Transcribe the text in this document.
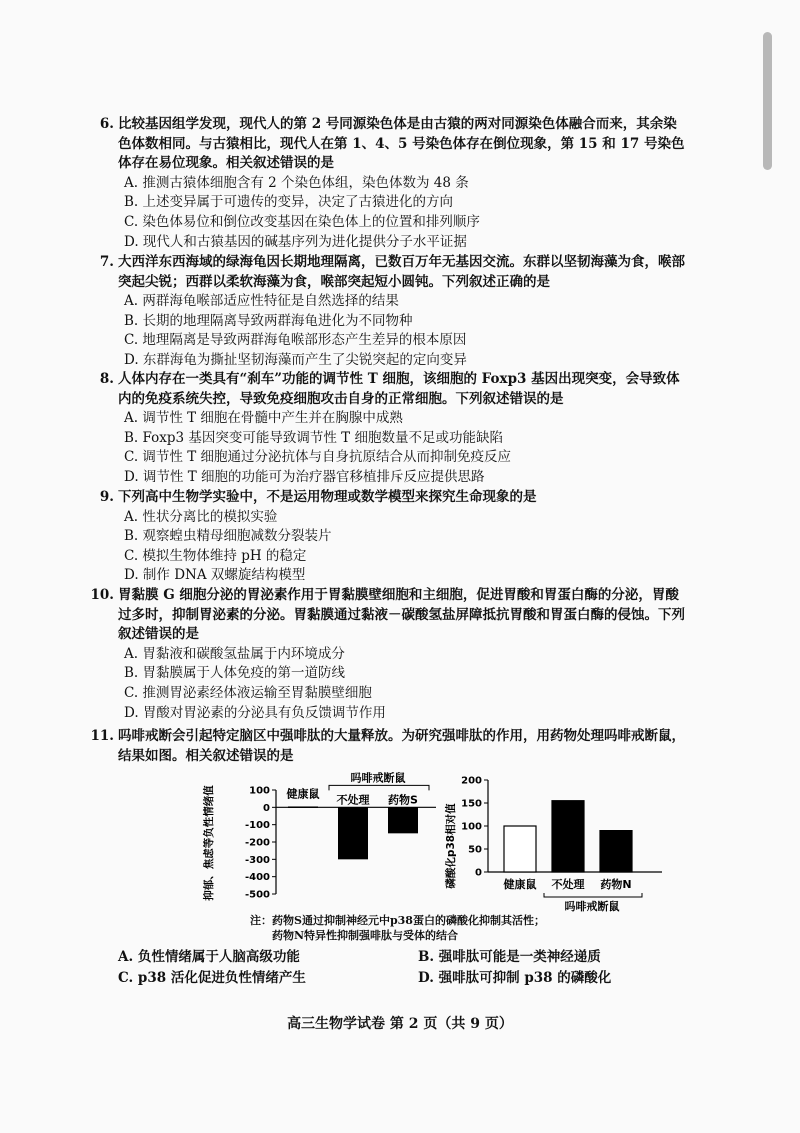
6. 比较基因组学发现，现代人的第 2 号同源染色体是由古猿的两对同源染色体融合而来，其余染色体数相同。与古猿相比，现代人在第 1、4、5 号染色体存在倒位现象，第 15 和 17 号染色体存在易位现象。相关叙述错误的是

A. 推测古猿体细胞含有 2 个染色体组，染色体数为 48 条

B. 上述变异属于可遗传的变异，决定了古猿进化的方向

C. 染色体易位和倒位改变基因在染色体上的位置和排列顺序

D. 现代人和古猿基因的碱基序列为进化提供分子水平证据

7. 大西洋东西海域的绿海龟因长期地理隔离，已数百万年无基因交流。东群以坚韧海藻为食，喉部突起尖锐；西群以柔软海藻为食，喉部突起短小圆钝。下列叙述正确的是

A. 两群海龟喉部适应性特征是自然选择的结果

B. 长期的地理隔离导致两群海龟进化为不同物种

C. 地理隔离是导致两群海龟喉部形态产生差异的根本原因

D. 东群海龟为撕扯坚韧海藻而产生了尖锐突起的定向变异

8. 人体内存在一类具有“刹车”功能的调节性 T 细胞，该细胞的 Foxp3 基因出现突变，会导致体内的免疫系统失控，导致免疫细胞攻击自身的正常细胞。下列叙述错误的是

A. 调节性 T 细胞在骨髓中产生并在胸腺中成熟

B. Foxp3 基因突变可能导致调节性 T 细胞数量不足或功能缺陷

C. 调节性 T 细胞通过分泌抗体与自身抗原结合从而抑制免疫反应

D. 调节性 T 细胞的功能可为治疗器官移植排斥反应提供思路

9. 下列高中生物学实验中，不是运用物理或数学模型来探究生命现象的是

A. 性状分离比的模拟实验

B. 观察蝗虫精母细胞减数分裂装片

C. 模拟生物体维持 pH 的稳定

D. 制作 DNA 双螺旋结构模型

10. 胃黏膜 G 细胞分泌的胃泌素作用于胃黏膜壁细胞和主细胞，促进胃酸和胃蛋白酶的分泌，胃酸过多时，抑制胃泌素的分泌。胃黏膜通过黏液－碳酸氢盐屏障抵抗胃酸和胃蛋白酶的侵蚀。下列叙述错误的是

A. 胃黏液和碳酸氢盐属于内环境成分

B. 胃黏膜属于人体免疫的第一道防线

C. 推测胃泌素经体液运输至胃黏膜壁细胞

D. 胃酸对胃泌素的分泌具有负反馈调节作用

11. 吗啡戒断会引起特定脑区中强啡肽的大量释放。为研究强啡肽的作用，用药物处理吗啡戒断鼠，结果如图。相关叙述错误的是

抑郁、焦虑等负性情绪值	100
0
-100
-200
-300
-400
-500
健康鼠 不处理 药物S
吗啡戒断鼠
磷酸化p38相对值
200
150
100
50
0
健康鼠 不处理 药物N
吗啡戒断鼠
注：药物S通过抑制神经元中p38蛋白的磷酸化抑制其活性；
药物N特异性抑制强啡肽与受体的结合
A. 负性情绪属于人脑高级功能	B. 强啡肽可能是一类神经递质
C. p38 活化促进负性情绪产生	D. 强啡肽可抑制 p38 的磷酸化
高三生物学试卷 第 2 页（共 9 页）
